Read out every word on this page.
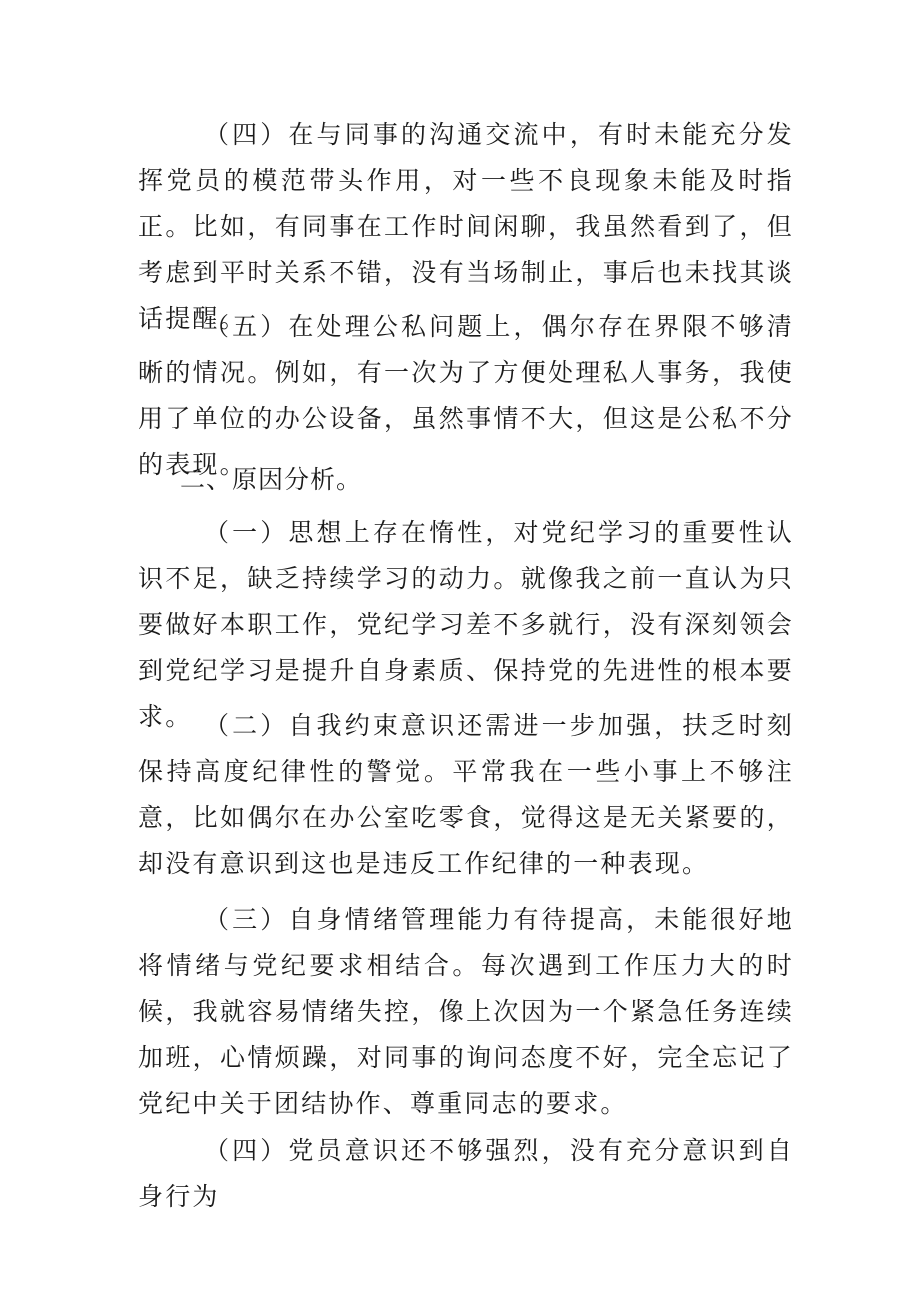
（四）在与同事的沟通交流中，有时未能充分发挥党员的模范带头作用，对一些不良现象未能及时指正。比如，有同事在工作时间闲聊，我虽然看到了，但考虑到平时关系不错，没有当场制止，事后也未找其谈话提醒。

（五）在处理公私问题上，偶尔存在界限不够清晰的情况。例如，有一次为了方便处理私人事务，我使用了单位的办公设备，虽然事情不大，但这是公私不分的表现。

二、原因分析。

（一）思想上存在惰性，对党纪学习的重要性认识不足，缺乏持续学习的动力。就像我之前一直认为只要做好本职工作，党纪学习差不多就行，没有深刻领会到党纪学习是提升自身素质、保持党的先进性的根本要求。 （二）自我约束意识还需进一步加强，扶乏时刻保持高度纪律性的警觉。平常我在一些小事上不够注意，比如偶尔在办公室吃零食，觉得这是无关紧要的，却没有意识到这也是违反工作纪律的一种表现。

（三）自身情绪管理能力有待提高，未能很好地将情绪与党纪要求相结合。每次遇到工作压力大的时候，我就容易情绪失控，像上次因为一个紧急任务连续加班，心情烦躁，对同事的询问态度不好，完全忘记了党纪中关于团结协作、尊重同志的要求。

（四）党员意识还不够强烈，没有充分意识到自身行为
